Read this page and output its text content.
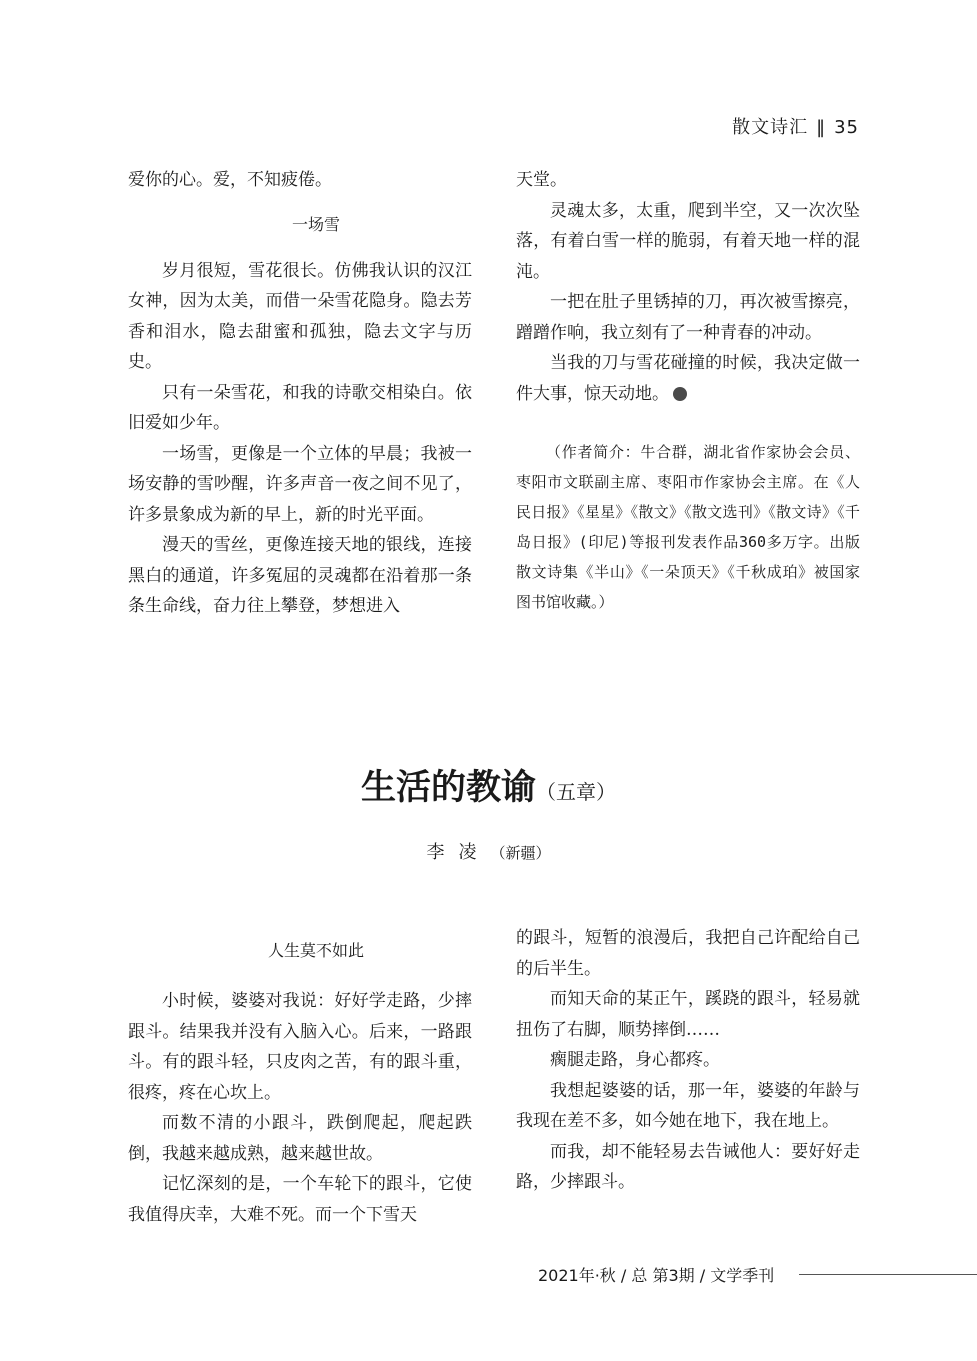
散文诗汇 ‖ 35

爱你的心。爱，不知疲倦。

一场雪

岁月很短，雪花很长。仿佛我认识的汉江女神，因为太美，而借一朵雪花隐身。隐去芳香和泪水，隐去甜蜜和孤独，隐去文字与历史。

只有一朵雪花，和我的诗歌交相染白。依旧爱如少年。

一场雪，更像是一个立体的早晨；我被一场安静的雪吵醒，许多声音一夜之间不见了，许多景象成为新的早上，新的时光平面。

漫天的雪丝，更像连接天地的银线，连接黑白的通道，许多冤屈的灵魂都在沿着那一条条生命线，奋力往上攀登，梦想进入

天堂。

灵魂太多，太重，爬到半空，又一次次坠落，有着白雪一样的脆弱，有着天地一样的混沌。

一把在肚子里锈掉的刀，再次被雪擦亮，蹭蹭作响，我立刻有了一种青春的冲动。

当我的刀与雪花碰撞的时候，我决定做一件大事，惊天动地。

（作者简介：牛合群，湖北省作家协会会员、枣阳市文联副主席、枣阳市作家协会主席。在《人民日报》《星星》《散文》《散文选刊》《散文诗》《千岛日报》(印尼)等报刊发表作品360多万字。出版散文诗集《半山》《一朵顶天》《千秋成珀》被国家图书馆收藏。）

生活的教谕（五章）
李凌（新疆）

人生莫不如此

小时候，婆婆对我说：好好学走路，少摔跟斗。结果我并没有入脑入心。后来，一路跟斗。有的跟斗轻，只皮肉之苦，有的跟斗重，很疼，疼在心坎上。

而数不清的小跟斗，跌倒爬起，爬起跌倒，我越来越成熟，越来越世故。

记忆深刻的是，一个车轮下的跟斗，它使我值得庆幸，大难不死。而一个下雪天

的跟斗，短暂的浪漫后，我把自己许配给自己的后半生。

而知天命的某正午，蹊跷的跟斗，轻易就扭伤了右脚，顺势摔倒……

瘸腿走路，身心都疼。

我想起婆婆的话，那一年，婆婆的年龄与我现在差不多，如今她在地下，我在地上。

而我，却不能轻易去告诫他人：要好好走路，少摔跟斗。

2021年·秋 / 总 第3期 / 文学季刊
